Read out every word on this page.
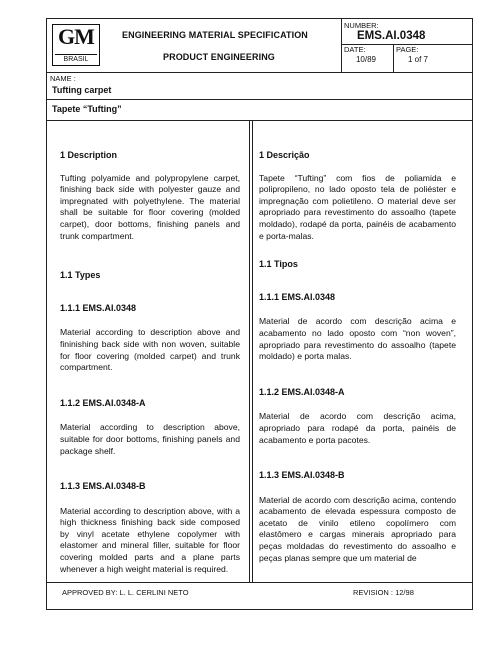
GM
BRASIL
ENGINEERING MATERIAL SPECIFICATION
PRODUCT ENGINEERING
NUMBER:
EMS.AI.0348
DATE:
10/89
PAGE:
1 of 7
NAME :
Tufting carpet
Tapete “Tufting”
1 Description

Tufting polyamide and polypropylene carpet, finishing back side with polyester gauze and impregnated with polyethylene. The material shall be suitable for floor covering (molded carpet), door bottoms, finishing panels and trunk compartment.

1.1 Types
1.1.1 EMS.AI.0348

Material according to description above and fininishing back side with non woven, suitable for floor covering (molded carpet) and trunk compartment.

1.1.2 EMS.AI.0348-A

Material according to description above, suitable for door bottoms, finishing panels and package shelf.

1.1.3 EMS.AI.0348-B

Material according to description above, with a high thickness finishing back side composed by vinyl acetate ethylene copolymer with elastomer and mineral filler, suitable for floor covering molded parts and a plane parts whenever a high weight material is required.

1 Descrição

Tapete “Tufting” com fios de poliamida e polipropileno, no lado oposto tela de poliéster e impregnação com polietileno. O material deve ser apropriado para revestimento do assoalho (tapete moldado), rodapé da porta, painéis de acabamento e porta-malas.

1.1 Tipos
1.1.1 EMS.AI.0348

Material de acordo com descrição acima e acabamento no lado oposto com “non woven”, apropriado para revestimento do assoalho (tapete moldado) e porta malas.

1.1.2 EMS.AI.0348-A

Material de acordo com descrição acima, apropriado para rodapé da porta, painéis de acabamento e porta pacotes.

1.1.3 EMS.AI.0348-B

Material de acordo com descrição acima, contendo acabamento de elevada espessura composto de acetato de vinilo etileno copolímero com elastômero e cargas minerais apropriado para peças moldadas do revestimento do assoalho e peças planas sempre que um material de

APPROVED BY: L. L. CERLINI NETO	REVISION : 12/98
